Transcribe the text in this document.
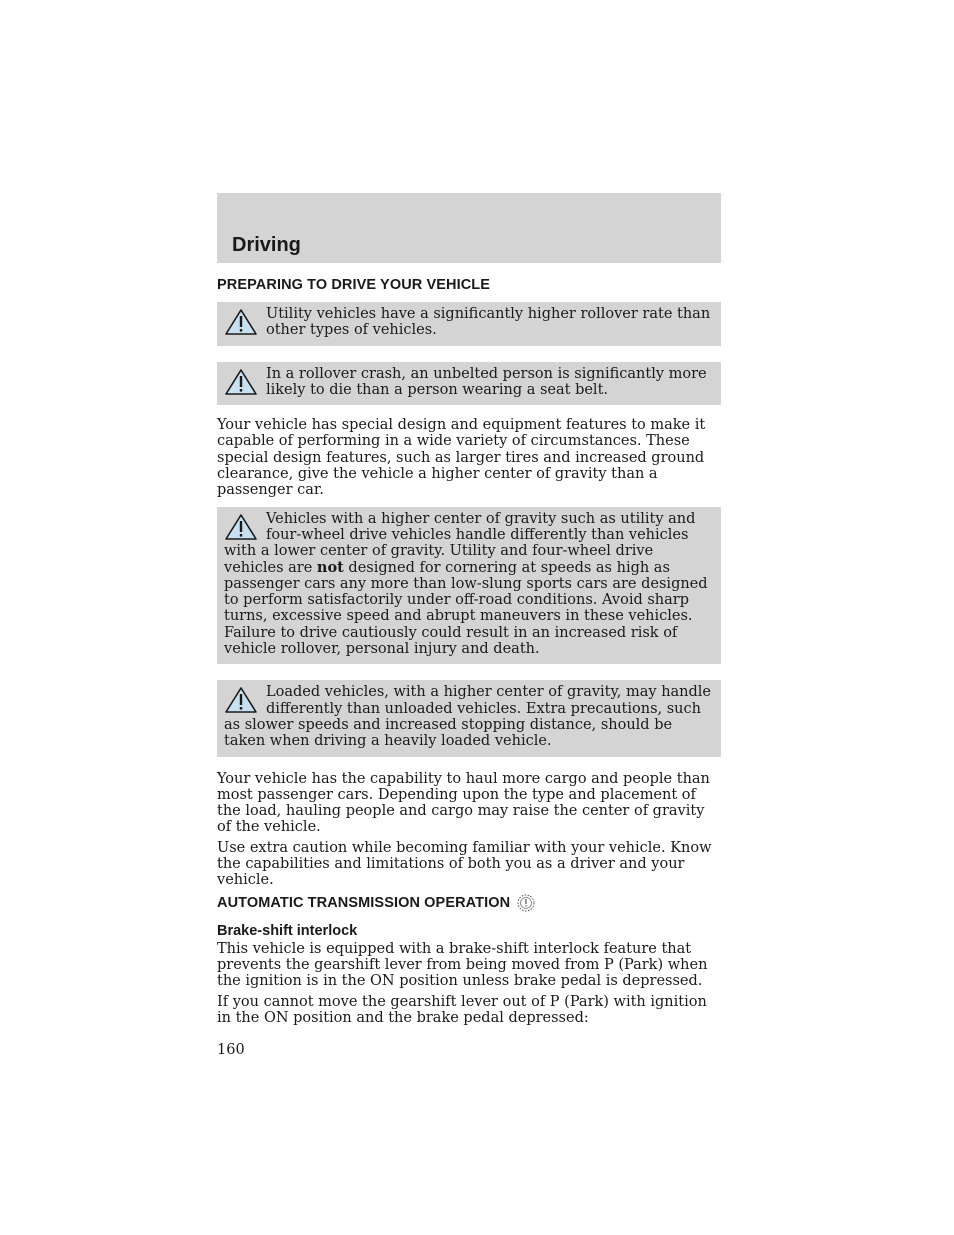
Driving
PREPARING TO DRIVE YOUR VEHICLE

Utility vehicles have a significantly higher rollover rate than other types of vehicles.

In a rollover crash, an unbelted person is significantly more likely to die than a person wearing a seat belt.

Your vehicle has special design and equipment features to make it capable of performing in a wide variety of circumstances. These special design features, such as larger tires and increased ground clearance, give the vehicle a higher center of gravity than a passenger car.

Vehicles with a higher center of gravity such as utility and four-wheel drive vehicles handle differently than vehicles with a lower center of gravity. Utility and four-wheel drive vehicles are not designed for cornering at speeds as high as passenger cars any more than low-slung sports cars are designed to perform satisfactorily under off-road conditions. Avoid sharp turns, excessive speed and abrupt maneuvers in these vehicles. Failure to drive cautiously could result in an increased risk of vehicle rollover, personal injury and death.

Loaded vehicles, with a higher center of gravity, may handle differently than unloaded vehicles. Extra precautions, such as slower speeds and increased stopping distance, should be taken when driving a heavily loaded vehicle.

Your vehicle has the capability to haul more cargo and people than most passenger cars. Depending upon the type and placement of the load, hauling people and cargo may raise the center of gravity of the vehicle.

Use extra caution while becoming familiar with your vehicle. Know the capabilities and limitations of both you as a driver and your vehicle.

AUTOMATIC TRANSMISSION OPERATION
Brake-shift interlock

This vehicle is equipped with a brake-shift interlock feature that prevents the gearshift lever from being moved from P (Park) when the ignition is in the ON position unless brake pedal is depressed.

If you cannot move the gearshift lever out of P (Park) with ignition in the ON position and the brake pedal depressed:

160
